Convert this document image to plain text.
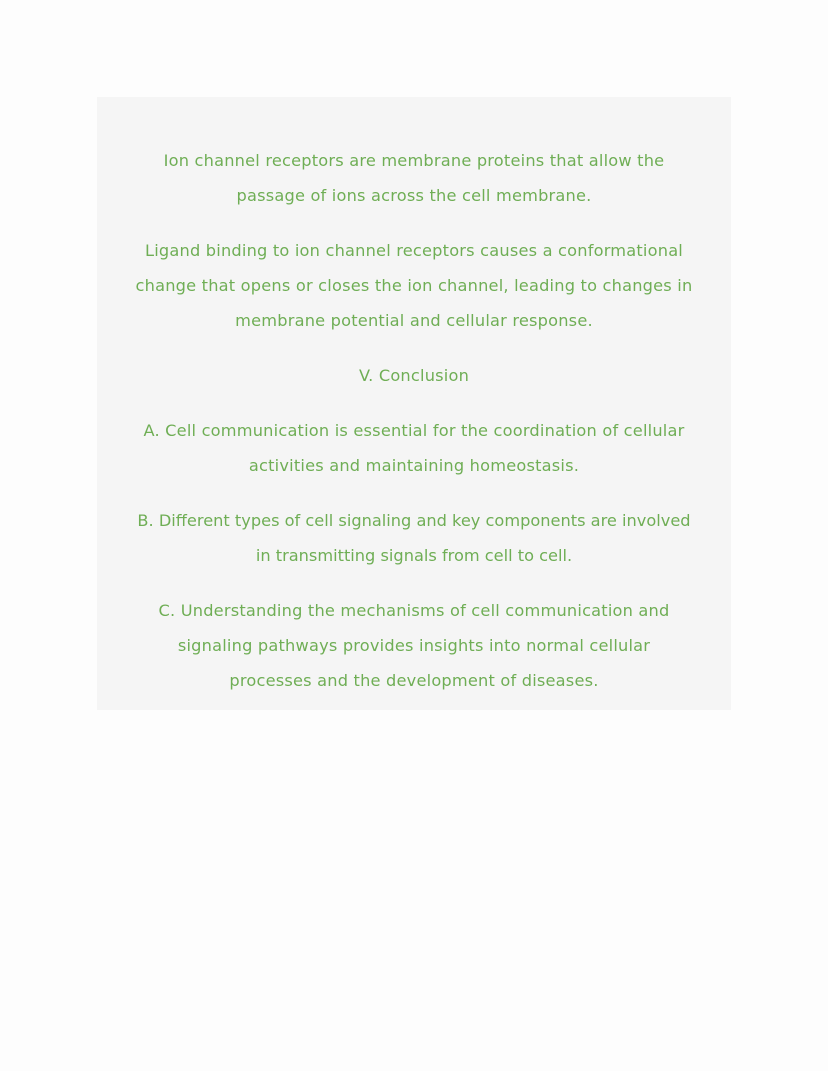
Ion channel receptors are membrane proteins that allow the
passage of ions across the cell membrane.

Ligand binding to ion channel receptors causes a conformational
change that opens or closes the ion channel, leading to changes in
membrane potential and cellular response.

V. Conclusion

A. Cell communication is essential for the coordination of cellular
activities and maintaining homeostasis.

B. Different types of cell signaling and key components are involved
in transmitting signals from cell to cell.

C. Understanding the mechanisms of cell communication and
signaling pathways provides insights into normal cellular
processes and the development of diseases.
